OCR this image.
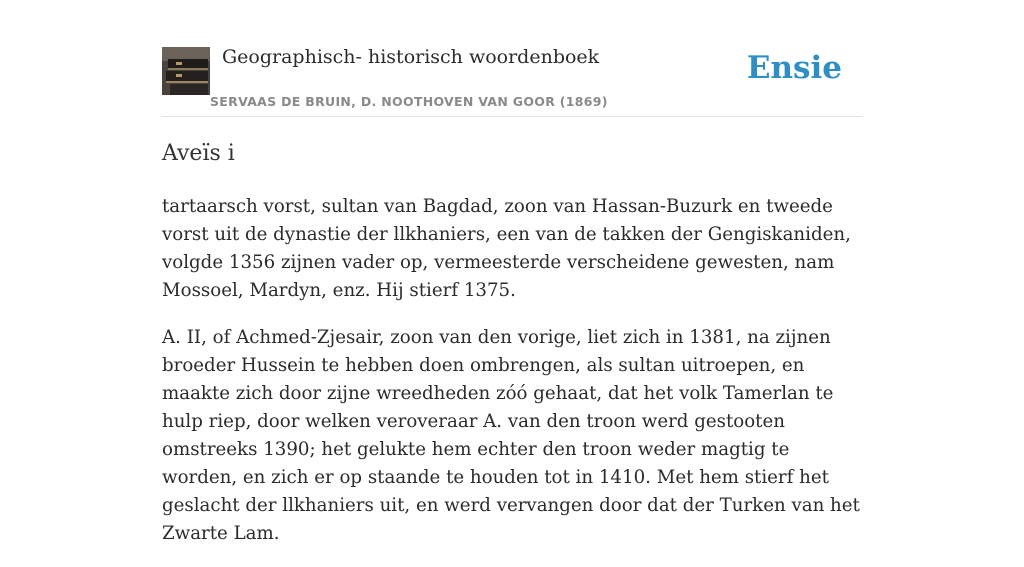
Geographisch- historisch woordenboek
SERVAAS DE BRUIN, D. NOOTHOVEN VAN GOOR (1869)
Ensie
Aveïs i

tartaarsch vorst, sultan van Bagdad, zoon van Hassan-Buzurk en tweede vorst uit de dynastie der llkhaniers, een van de takken der Gengiskaniden, volgde 1356 zijnen vader op, vermeesterde verscheidene gewesten, nam Mossoel, Mardyn, enz. Hij stierf 1375.

A. II, of Achmed-Zjesair, zoon van den vorige, liet zich in 1381, na zijnen broeder Hussein te hebben doen ombrengen, als sultan uitroepen, en maakte zich door zijne wreedheden zóó gehaat, dat het volk Tamerlan te hulp riep, door welken veroveraar A. van den troon werd gestooten omstreeks 1390; het gelukte hem echter den troon weder magtig te worden, en zich er op staande te houden tot in 1410. Met hem stierf het geslacht der llkhaniers uit, en werd vervangen door dat der Turken van het Zwarte Lam.
